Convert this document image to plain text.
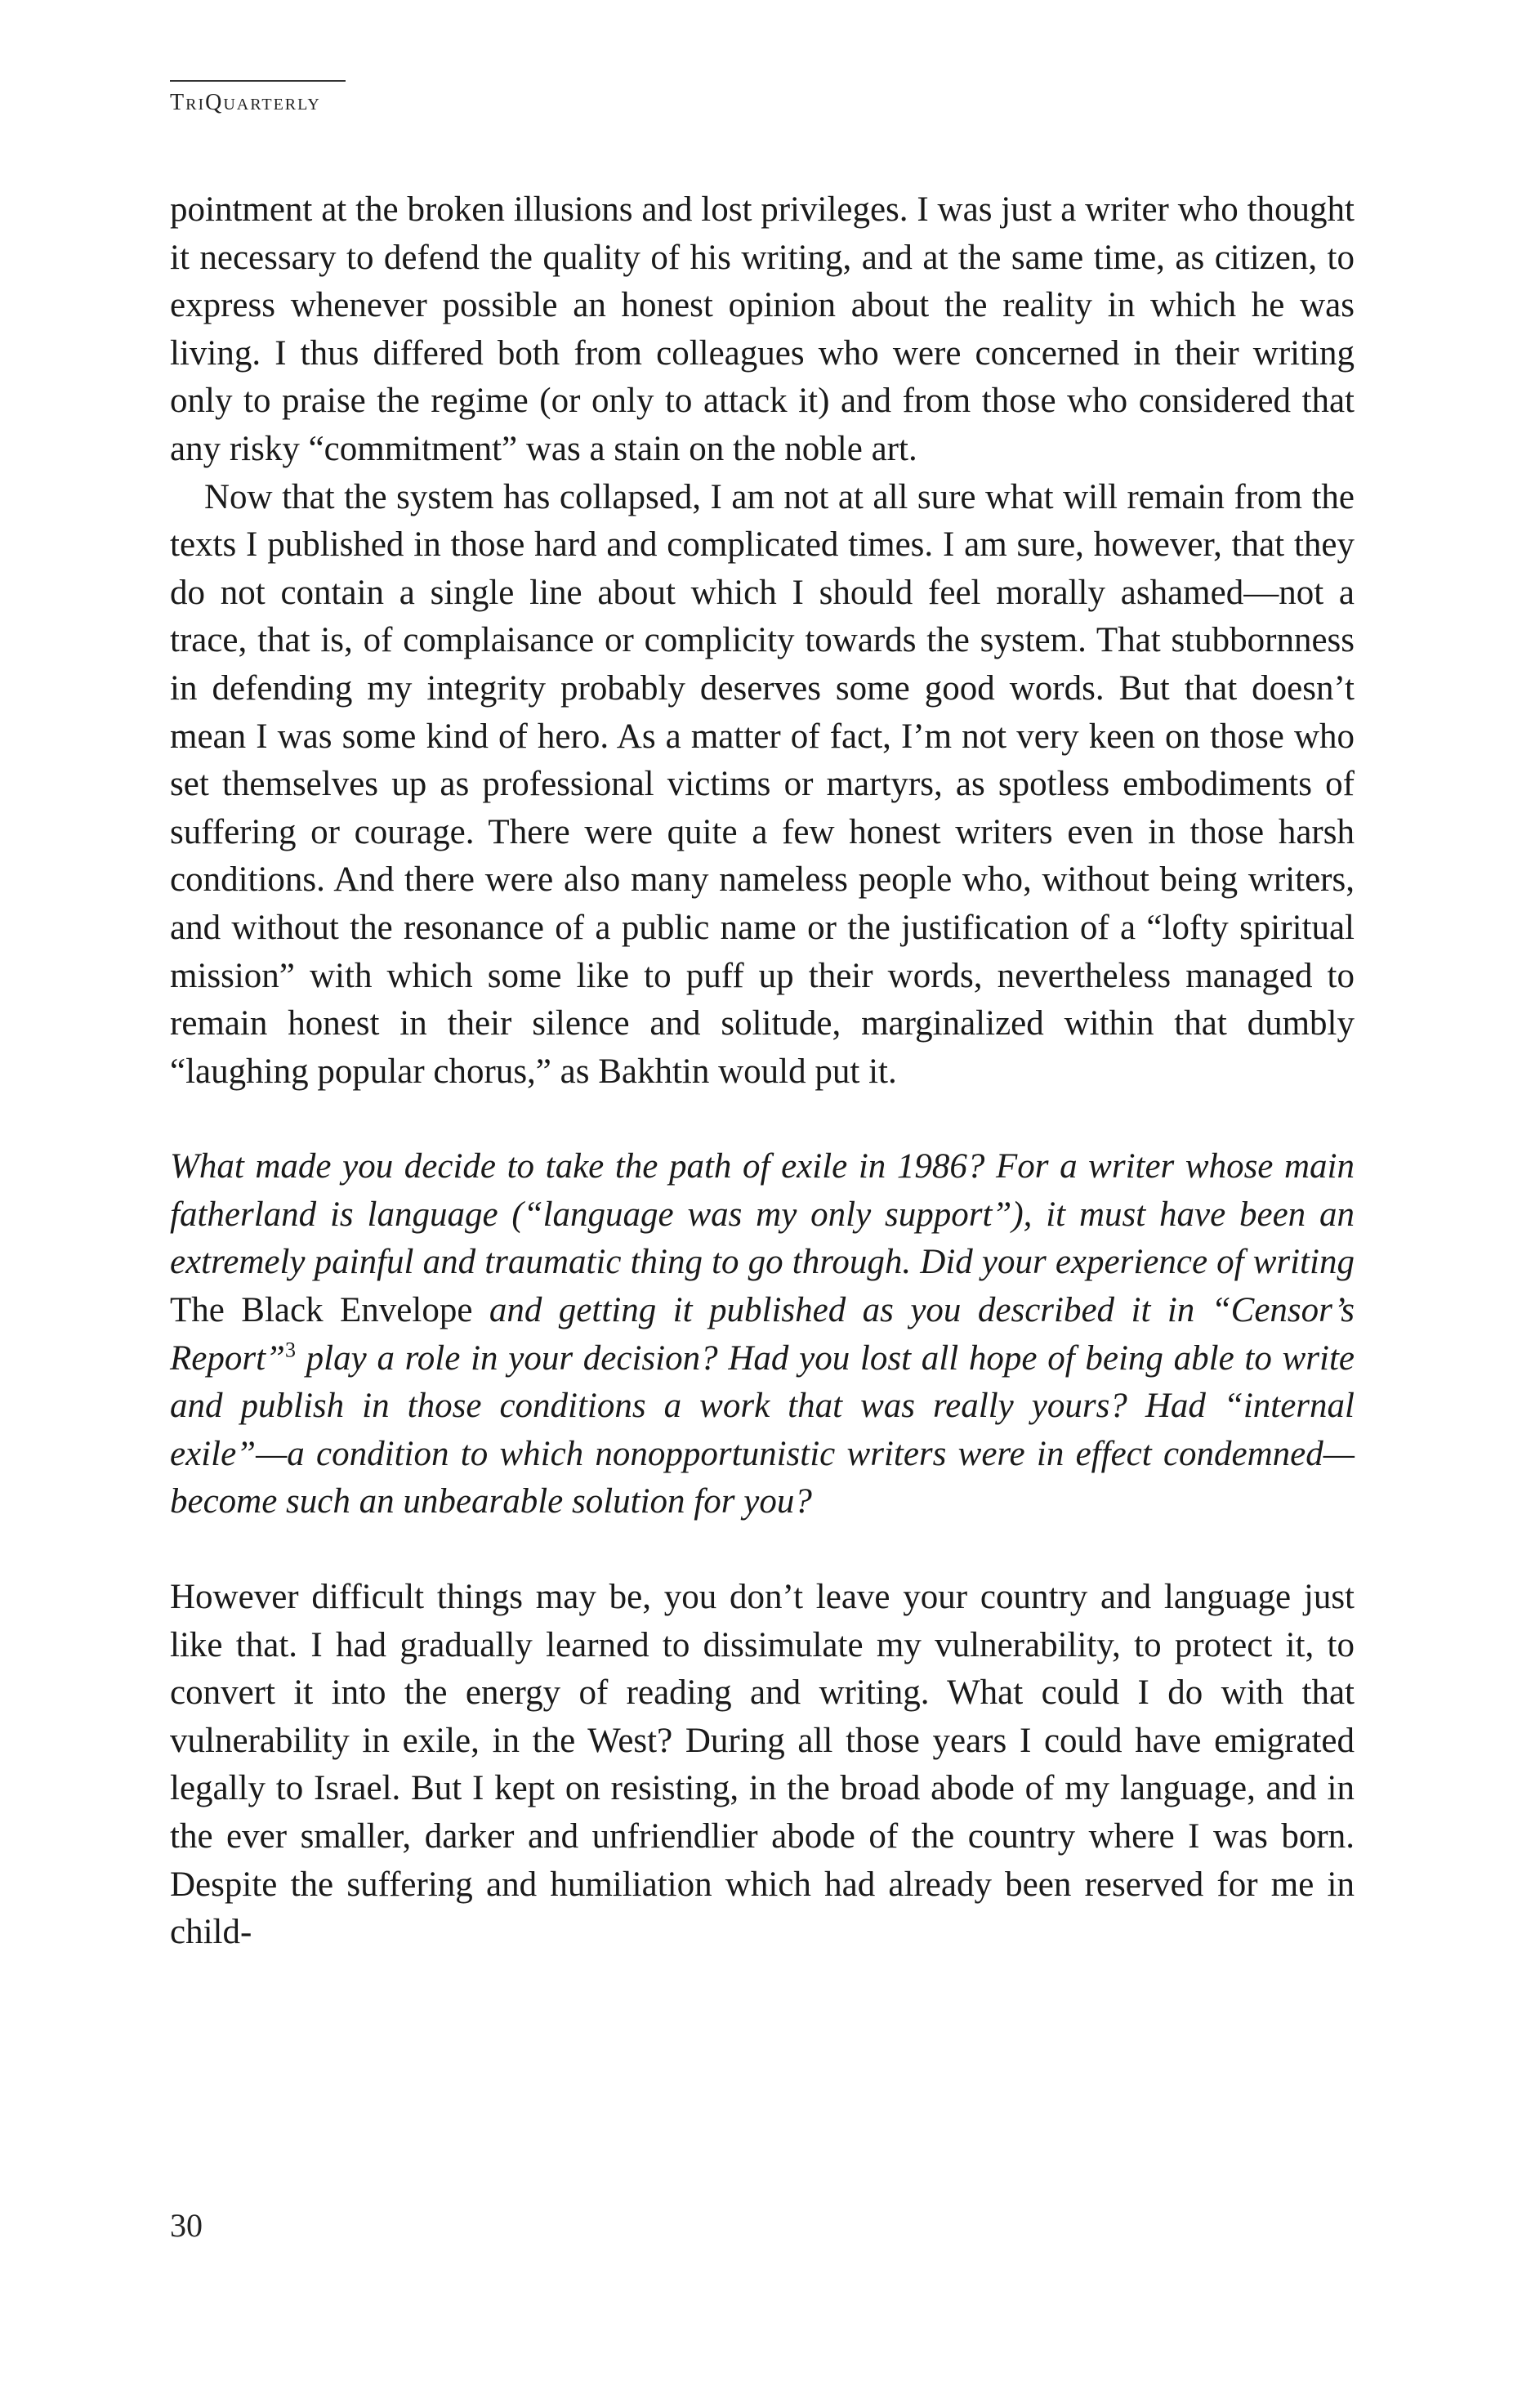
TriQuarterly

pointment at the broken illusions and lost privileges. I was just a writer who thought it necessary to defend the quality of his writing, and at the same time, as citizen, to express whenever possible an honest opinion about the reality in which he was living. I thus differed both from colleagues who were concerned in their writing only to praise the regime (or only to attack it) and from those who considered that any risky “commitment” was a stain on the noble art.

Now that the system has collapsed, I am not at all sure what will remain from the texts I published in those hard and complicated times. I am sure, however, that they do not contain a single line about which I should feel morally ashamed—not a trace, that is, of complaisance or complicity towards the system. That stubbornness in defending my integrity probably deserves some good words. But that doesn’t mean I was some kind of hero. As a matter of fact, I’m not very keen on those who set themselves up as professional victims or martyrs, as spotless embodiments of suffering or courage. There were quite a few honest writers even in those harsh conditions. And there were also many nameless people who, without being writers, and without the resonance of a public name or the justification of a “lofty spiritual mission” with which some like to puff up their words, nevertheless managed to remain honest in their silence and solitude, marginalized within that dumbly “laughing popular chorus,” as Bakhtin would put it.

What made you decide to take the path of exile in 1986? For a writer whose main fatherland is language (“language was my only support”), it must have been an extremely painful and traumatic thing to go through. Did your experience of writing The Black Envelope and getting it published as you described it in “Censor’s Report”$^3$ play a role in your decision? Had you lost all hope of being able to write and publish in those conditions a work that was really yours? Had “internal exile”—a condition to which nonopportunistic writers were in effect condemned—become such an unbearable solution for you?

However difficult things may be, you don’t leave your country and language just like that. I had gradually learned to dissimulate my vulnerability, to protect it, to convert it into the energy of reading and writing. What could I do with that vulnerability in exile, in the West? During all those years I could have emigrated legally to Israel. But I kept on resisting, in the broad abode of my language, and in the ever smaller, darker and unfriendlier abode of the country where I was born. Despite the suffering and humiliation which had already been reserved for me in child-

30
